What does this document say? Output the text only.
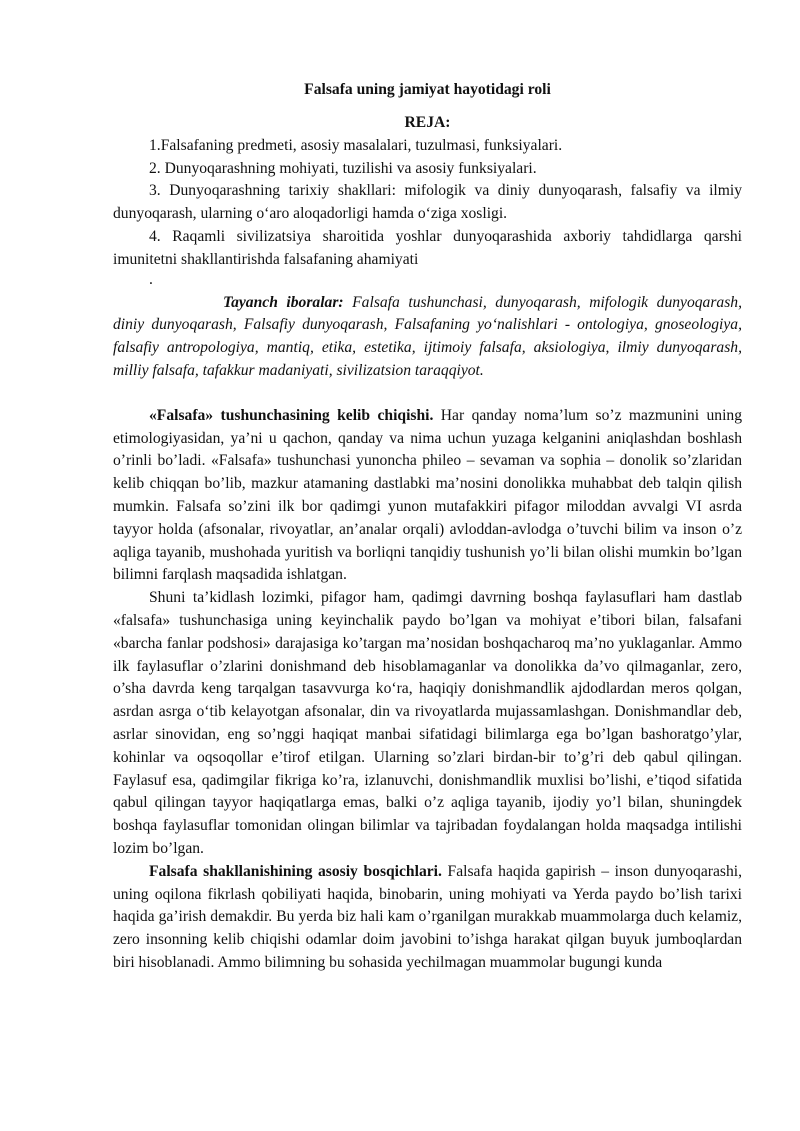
Falsafa uning jamiyat hayotidagi roli

REJA:

1.Falsafaning predmeti, asosiy masalalari, tuzulmasi, funksiyalari.

2. Dunyoqarashning mohiyati, tuzilishi va asosiy funksiyalari.

3. Dunyoqarashning tarixiy shakllari: mifologik va diniy dunyoqarash, falsafiy va ilmiy dunyoqarash, ularning o‘aro aloqadorligi hamda o‘ziga xosligi.

4. Raqamli sivilizatsiya sharoitida yoshlar dunyoqarashida axboriy tahdidlarga qarshi imunitetni shakllantirishda falsafaning ahamiyati

.

Tayanch iboralar: Falsafa tushunchasi, dunyoqarash, mifologik dunyoqarash, diniy dunyoqarash, Falsafiy dunyoqarash, Falsafaning yo‘nalishlari - ontologiya, gnoseologiya, falsafiy antropologiya, mantiq, etika, estetika, ijtimoiy falsafa, aksiologiya, ilmiy dunyoqarash, milliy falsafa, tafakkur madaniyati, sivilizatsion taraqqiyot.

«Falsafa» tushunchasining kelib chiqishi. Har qanday noma’lum so’z mazmunini uning etimologiyasidan, ya’ni u qachon, qanday va nima uchun yuzaga kelganini aniqlashdan boshlash o’rinli bo’ladi. «Falsafa» tushunchasi yunoncha phileo – sevaman va sophia – donolik so’zlaridan kelib chiqqan bo’lib, mazkur atamaning dastlabki ma’nosini donolikka muhabbat deb talqin qilish mumkin. Falsafa so’zini ilk bor qadimgi yunon mutafakkiri pifagor miloddan avvalgi VI asrda tayyor holda (afsonalar, rivoyatlar, an’analar orqali) avloddan-avlodga o’tuvchi bilim va inson o’z aqliga tayanib, mushohada yuritish va borliqni tanqidiy tushunish yo’li bilan olishi mumkin bo’lgan bilimni farqlash maqsadida ishlatgan.

Shuni ta’kidlash lozimki, pifagor ham, qadimgi davrning boshqa faylasuflari ham dastlab «falsafa» tushunchasiga uning keyinchalik paydo bo’lgan va mohiyat e’tibori bilan, falsafani «barcha fanlar podshosi» darajasiga ko’targan ma’nosidan boshqacharoq ma’no yuklaganlar. Ammo ilk faylasuflar o’zlarini donishmand deb hisoblamaganlar va donolikka da’vo qilmaganlar, zero, o’sha davrda keng tarqalgan tasavvurga ko‘ra, haqiqiy donishmandlik ajdodlardan meros qolgan, asrdan asrga o‘tib kelayotgan afsonalar, din va rivoyatlarda mujassamlashgan. Donishmandlar deb, asrlar sinovidan, eng so’nggi haqiqat manbai sifatidagi bilimlarga ega bo’lgan bashoratgo’ylar, kohinlar va oqsoqollar e’tirof etilgan. Ularning so’zlari birdan-bir to’g’ri deb qabul qilingan. Faylasuf esa, qadimgilar fikriga ko’ra, izlanuvchi, donishmandlik muxlisi bo’lishi, e’tiqod sifatida qabul qilingan tayyor haqiqatlarga emas, balki o’z aqliga tayanib, ijodiy yo’l bilan, shuningdek boshqa faylasuflar tomonidan olingan bilimlar va tajribadan foydalangan holda maqsadga intilishi lozim bo’lgan.

Falsafa shakllanishining asosiy bosqichlari. Falsafa haqida gapirish – inson dunyoqarashi, uning oqilona fikrlash qobiliyati haqida, binobarin, uning mohiyati va Yerda paydo bo’lish tarixi haqida ga’irish demakdir. Bu yerda biz hali kam o’rganilgan murakkab muammolarga duch kelamiz, zero insonning kelib chiqishi odamlar doim javobini to’ishga harakat qilgan buyuk jumboqlardan biri hisoblanadi. Ammo bilimning bu sohasida yechilmagan muammolar bugungi kunda
